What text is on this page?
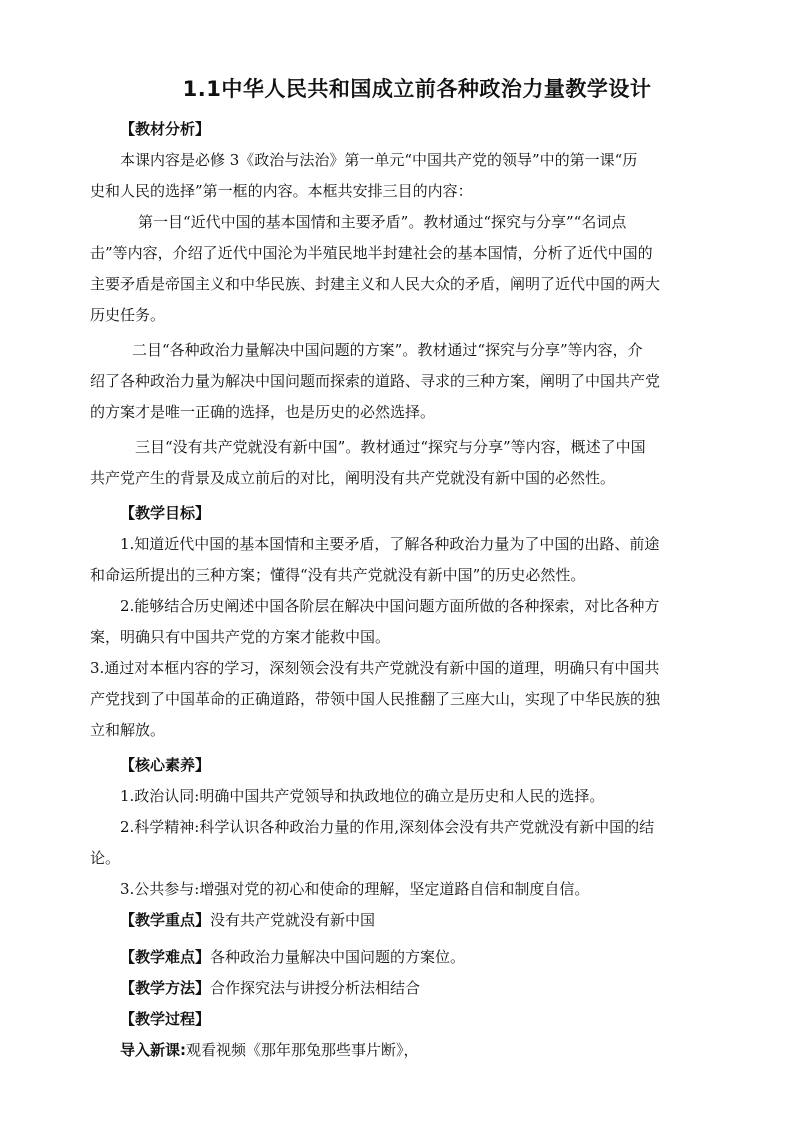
1.1中华人民共和国成立前各种政治力量教学设计
【教材分析】
本课内容是必修 3《政治与法治》第一单元“中国共产党的领导”中的第一课“历
史和人民的选择”第一框的内容。本框共安排三目的内容：
第一目“近代中国的基本国情和主要矛盾”。教材通过“探究与分享”“名词点
击”等内容，介绍了近代中国沦为半殖民地半封建社会的基本国情，分析了近代中国的
主要矛盾是帝国主义和中华民族、封建主义和人民大众的矛盾，阐明了近代中国的两大
历史任务。
二目“各种政治力量解决中国问题的方案”。教材通过“探究与分享”等内容，介
绍了各种政治力量为解决中国问题而探索的道路、寻求的三种方案，阐明了中国共产党
的方案才是唯一正确的选择，也是历史的必然选择。
三目“没有共产党就没有新中国”。教材通过“探究与分享”等内容，概述了中国
共产党产生的背景及成立前后的对比，阐明没有共产党就没有新中国的必然性。
【教学目标】
1.知道近代中国的基本国情和主要矛盾，了解各种政治力量为了中国的出路、前途
和命运所提出的三种方案；懂得“没有共产党就没有新中国”的历史必然性。
2.能够结合历史阐述中国各阶层在解决中国问题方面所做的各种探索，对比各种方
案，明确只有中国共产党的方案才能救中国。
3.通过对本框内容的学习，深刻领会没有共产党就没有新中国的道理，明确只有中国共
产党找到了中国革命的正确道路，带领中国人民推翻了三座大山，实现了中华民族的独
立和解放。
【核心素养】
1.政治认同:明确中国共产党领导和执政地位的确立是历史和人民的选择。
2.科学精神:科学认识各种政治力量的作用,深刻体会没有共产党就没有新中国的结
论。
3.公共参与:增强对党的初心和使命的理解，坚定道路自信和制度自信。
【教学重点】没有共产党就没有新中国
【教学难点】各种政治力量解决中国问题的方案位。
【教学方法】合作探究法与讲授分析法相结合
【教学过程】
导入新课:观看视频《那年那兔那些事片断》，
